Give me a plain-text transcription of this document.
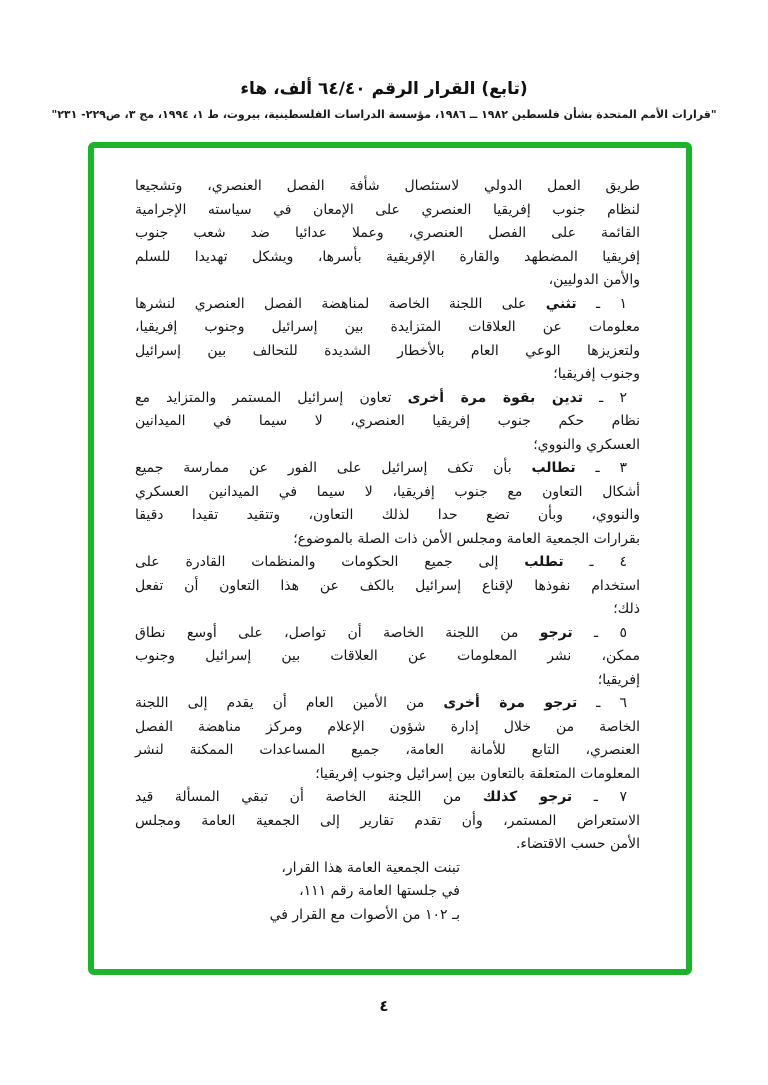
(تابع) القرار الرقم ٦٤/٤٠ ألف، هاء
"قرارات الأمم المتحدة بشأن فلسطين ١٩٨٢ ــ ١٩٨٦، مؤسسة الدراسات الفلسطينية، بيروت، ط ١، ١٩٩٤، مج ٣، ص٢٢٩- ٢٣١"
طريق العمل الدولي لاستئصال شأفة الفصل العنصري، وتشجيعا
لنظام جنوب إفريقيا العنصري على الإمعان في سياسته الإجرامية
القائمة على الفصل العنصري، وعملا عدائيا ضد شعب جنوب
إفريقيا المضطهد والقارة الإفريقية بأسرها، ويشكل تهديدا للسلم
والأمن الدوليين،
١ ـ تثني على اللجنة الخاصة لمناهضة الفصل العنصري لنشرها
معلومات عن العلاقات المتزايدة بين إسرائيل وجنوب إفريقيا،
ولتعزيزها الوعي العام بالأخطار الشديدة للتحالف بين إسرائيل
وجنوب إفريقيا؛
٢ ـ تدين بقوة مرة أخرى تعاون إسرائيل المستمر والمتزايد مع
نظام حكم جنوب إفريقيا العنصري، لا سيما في الميدانين
العسكري والنووي؛
٣ ـ تطالب بأن تكف إسرائيل على الفور عن ممارسة جميع
أشكال التعاون مع جنوب إفريقيا، لا سيما في الميدانين العسكري
والنووي، وبأن تضع حدا لذلك التعاون، وتتقيد تقيدا دقيقا
بقرارات الجمعية العامة ومجلس الأمن ذات الصلة بالموضوع؛
٤ ـ تطلب إلى جميع الحكومات والمنظمات القادرة على
استخدام نفوذها لإقناع إسرائيل بالكف عن هذا التعاون أن تفعل
ذلك؛
٥ ـ ترجو من اللجنة الخاصة أن تواصل، على أوسع نطاق
ممكن، نشر المعلومات عن العلاقات بين إسرائيل وجنوب
إفريقيا؛
٦ ـ ترجو مرة أخرى من الأمين العام أن يقدم إلى اللجنة
الخاصة من خلال إدارة شؤون الإعلام ومركز مناهضة الفصل
العنصري، التابع للأمانة العامة، جميع المساعدات الممكنة لنشر
المعلومات المتعلقة بالتعاون بين إسرائيل وجنوب إفريقيا؛
٧ ـ ترجو كذلك من اللجنة الخاصة أن تبقي المسألة قيد
الاستعراض المستمر، وأن تقدم تقارير إلى الجمعية العامة ومجلس
الأمن حسب الاقتضاء.
تبنت الجمعية العامة هذا القرار،
في جلستها العامة رقم ١١١،
بـ ١٠٢ من الأصوات مع القرار في
٤
